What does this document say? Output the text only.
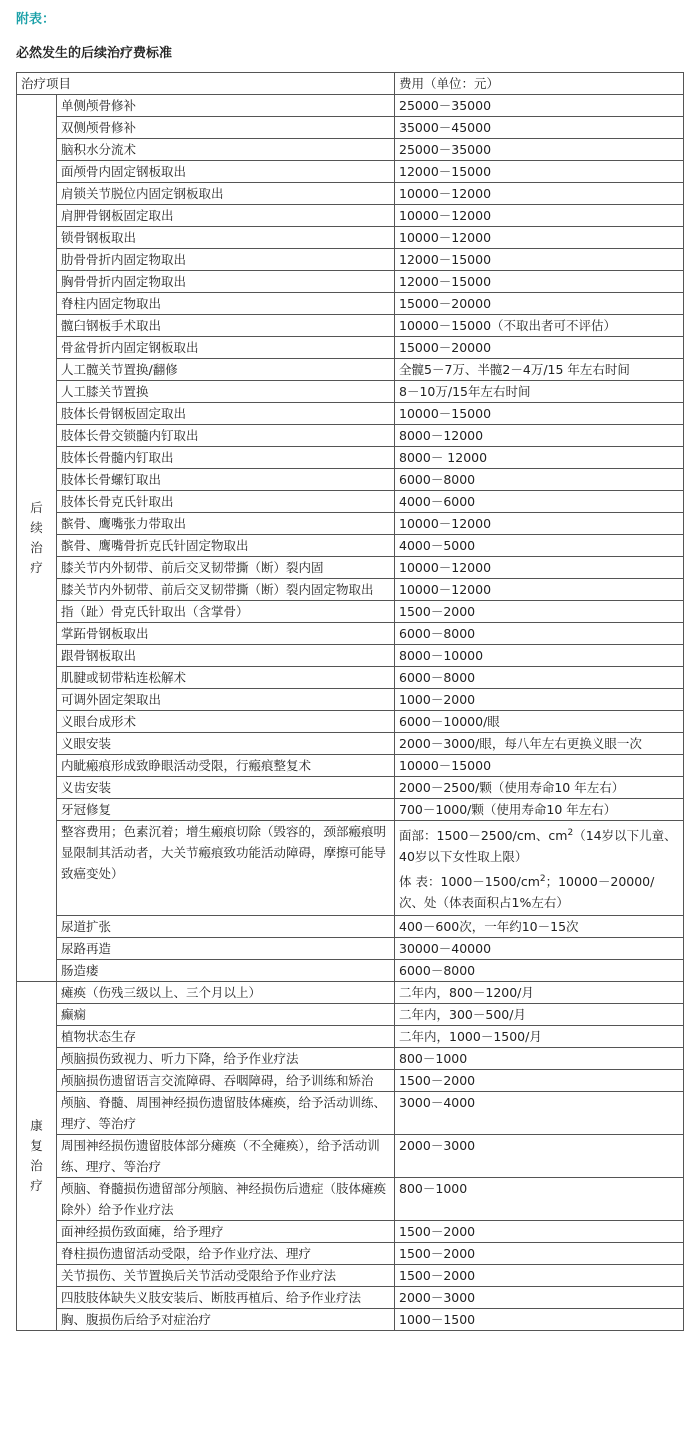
附表：
必然发生的后续治疗费标准
治疗项目		费用（单位：元）
后续治疗	单侧颅骨修补	25000－35000
	双侧颅骨修补	35000－45000
	脑积水分流术	25000－35000
	面颅骨内固定钢板取出	12000－15000
	肩锁关节脱位内固定钢板取出	10000－12000
	肩胛骨钢板固定取出	10000－12000
	锁骨钢板取出	10000－12000
	肋骨骨折内固定物取出	12000－15000
	胸骨骨折内固定物取出	12000－15000
	脊柱内固定物取出	15000－20000
	髋臼钢板手术取出	10000－15000（不取出者可不评估）
	骨盆骨折内固定钢板取出	15000－20000
	人工髋关节置换/翻修	全髋5－7万、半髋2－4万/15 年左右时间
	人工膝关节置换	8－10万/15年左右时间
	肢体长骨钢板固定取出	10000－15000
	肢体长骨交锁髓内钉取出	8000－12000
	肢体长骨髓内钉取出	8000－ 12000
	肢体长骨螺钉取出	6000－8000
	肢体长骨克氏针取出	4000－6000
	髌骨、鹰嘴张力带取出	10000－12000
	髌骨、鹰嘴骨折克氏针固定物取出	4000－5000
	膝关节内外韧带、前后交叉韧带撕（断）裂内固	10000－12000
	膝关节内外韧带、前后交叉韧带撕（断）裂内固定物取出	10000－12000
	指（趾）骨克氏针取出（含掌骨）	1500－2000
	掌跖骨钢板取出	6000－8000
	跟骨钢板取出	8000－10000
	肌腱或韧带粘连松解术	6000－8000
	可调外固定架取出	1000－2000
	义眼台成形术	6000－10000/眼
	义眼安装	2000－3000/眼，每八年左右更换义眼一次
	内眦瘢痕形成致睁眼活动受限，行瘢痕整复术	10000－15000
	义齿安装	2000－2500/颗（使用寿命10 年左右）
	牙冠修复	700－1000/颗（使用寿命10 年左右）
	整容费用；色素沉着；增生瘢痕切除（毁容的，颈部瘢痕明显限制其活动者，大关节瘢痕致功能活动障碍，摩擦可能导致癌变处）	面部：1500－2500/cm、$cm^2(14$岁以下儿童、40岁以下女性取上限）
体 表：$1000-1500/cm^2$；10000－20000/次、处（体表面积占1%左右）

	尿道扩张	400－600次，一年约10－15次
	尿路再造	30000－40000
	肠造瘘	6000－8000
康复治疗	瘫痪（伤残三级以上、三个月以上）	二年内，800－1200/月
	癫痫	二年内，300－500/月
	植物状态生存	二年内，1000－1500/月
	颅脑损伤致视力、听力下降，给予作业疗法	800－1000
	颅脑损伤遗留语言交流障碍、吞咽障碍，给予训练和矫治	1500－2000
	颅脑、脊髓、周围神经损伤遗留肢体瘫痪，给予活动训练、理疗、等治疗	3000－4000
	周围神经损伤遗留肢体部分瘫痪（不全瘫痪），给予活动训练、理疗、等治疗	2000－3000
	颅脑、脊髓损伤遗留部分颅脑、神经损伤后遗症（肢体瘫痪除外）给予作业疗法	800－1000
	面神经损伤致面瘫，给予理疗	1500－2000
	脊柱损伤遗留活动受限，给予作业疗法、理疗	1500－2000
	关节损伤、关节置换后关节活动受限给予作业疗法	1500－2000
	四肢肢体缺失义肢安装后、断肢再植后、给予作业疗法	2000－3000
	胸、腹损伤后给予对症治疗	1000－1500
